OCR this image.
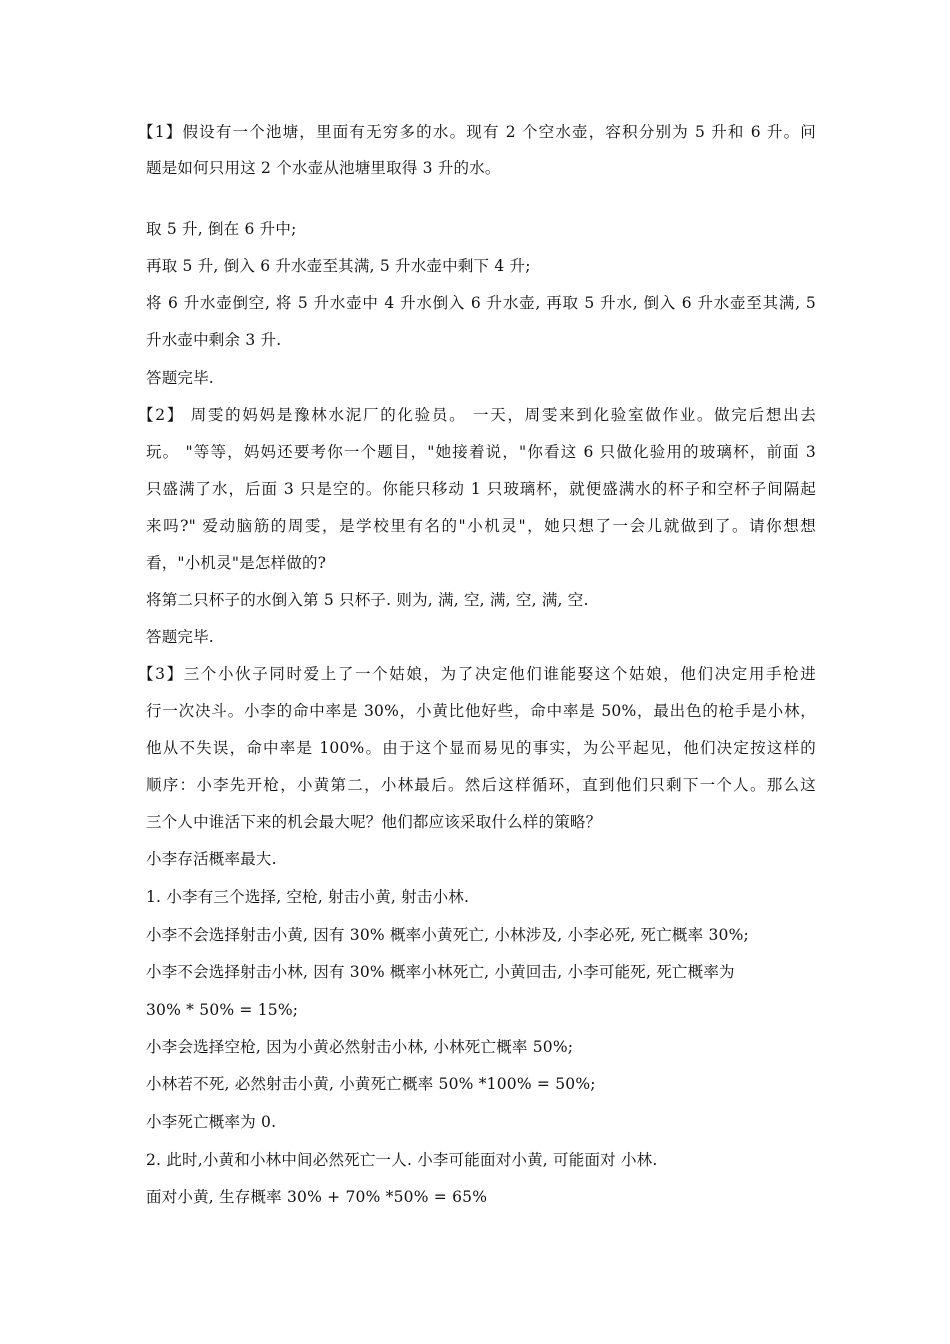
【1】假设有一个池塘，里面有无穷多的水。现有 2 个空水壶，容积分别为 5 升和 6 升。问
题是如何只用这 2 个水壶从池塘里取得 3 升的水。
取 5 升, 倒在 6 升中;
再取 5 升, 倒入 6 升水壶至其满, 5 升水壶中剩下 4 升;
将 6 升水壶倒空, 将 5 升水壶中 4 升水倒入 6 升水壶, 再取 5 升水, 倒入 6 升水壶至其满, 5
升水壶中剩余 3 升.
答题完毕.
【2】 周雯的妈妈是豫林水泥厂的化验员。 一天，周雯来到化验室做作业。做完后想出去
玩。 "等等，妈妈还要考你一个题目，"她接着说，"你看这 6 只做化验用的玻璃杯，前面 3
只盛满了水，后面 3 只是空的。你能只移动 1 只玻璃杯，就便盛满水的杯子和空杯子间隔起
来吗?" 爱动脑筋的周雯，是学校里有名的"小机灵"，她只想了一会儿就做到了。请你想想
看，"小机灵"是怎样做的?
将第二只杯子的水倒入第 5 只杯子. 则为, 满, 空, 满, 空, 满, 空.
答题完毕.
【3】三个小伙子同时爱上了一个姑娘，为了决定他们谁能娶这个姑娘，他们决定用手枪进
行一次决斗。小李的命中率是 30%，小黄比他好些，命中率是 50%，最出色的枪手是小林，
他从不失误，命中率是 100%。由于这个显而易见的事实，为公平起见，他们决定按这样的
顺序：小李先开枪，小黄第二，小林最后。然后这样循环，直到他们只剩下一个人。那么这
三个人中谁活下来的机会最大呢？他们都应该采取什么样的策略？
小李存活概率最大.
1. 小李有三个选择, 空枪, 射击小黄, 射击小林.
小李不会选择射击小黄, 因有 30% 概率小黄死亡, 小林涉及, 小李必死, 死亡概率 30%;
小李不会选择射击小林, 因有 30% 概率小林死亡, 小黄回击, 小李可能死, 死亡概率为
30% * 50% = 15%;
小李会选择空枪, 因为小黄必然射击小林, 小林死亡概率 50%;
小林若不死, 必然射击小黄, 小黄死亡概率 50% *100% = 50%;
小李死亡概率为 0.
2. 此时,小黄和小林中间必然死亡一人. 小李可能面对小黄, 可能面对 小林.
面对小黄, 生存概率 30% + 70% *50% = 65%
